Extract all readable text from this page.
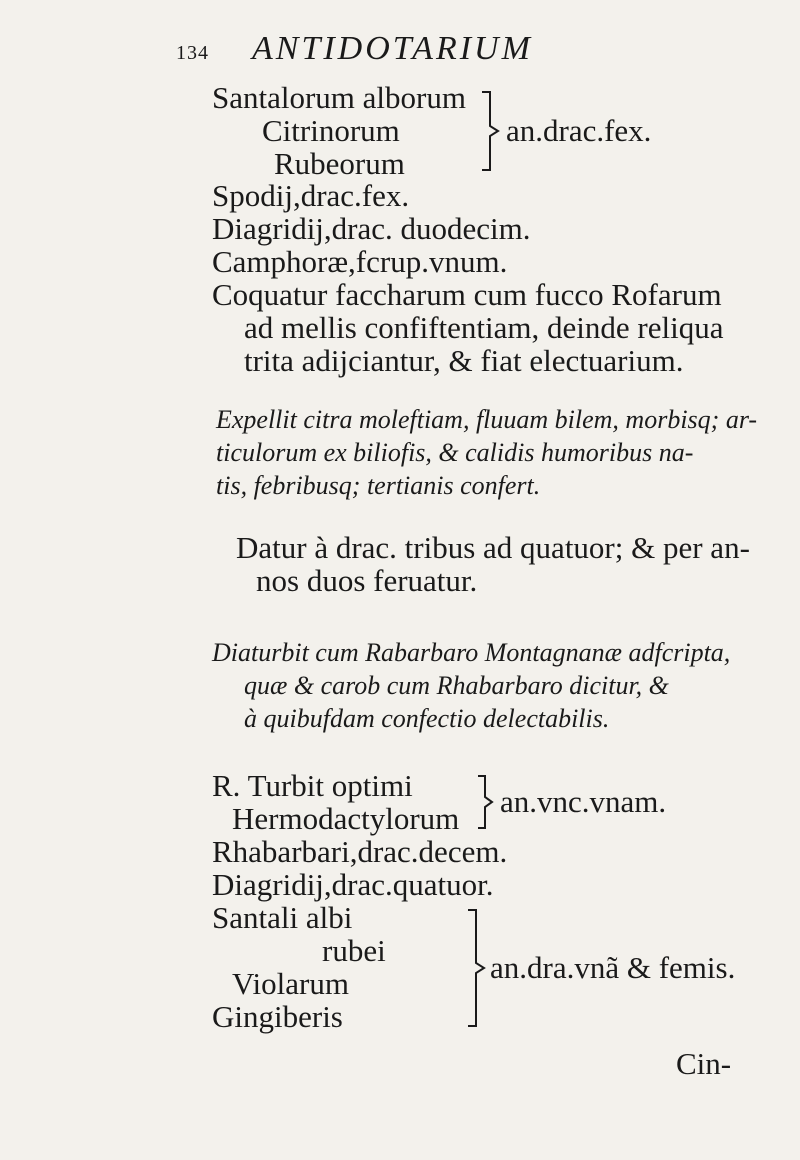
134 ANTIDOTARIUM
Santalorum alborum
Citrinorum
Rubeorum
an.drac.fex.
Spodij,drac.fex.
Diagridij,drac. duodecim.
Camphoræ,fcrup.vnum.
Coquatur faccharum cum fucco Rofarum
ad mellis confiftentiam, deinde reliqua
trita adijciantur, & fiat electuarium.
Expellit citra moleftiam, fluuam bilem, morbisq; ar-
ticulorum ex biliofis, & calidis humoribus na-
tis, febribusq; tertianis confert.
Datur à drac. tribus ad quatuor; & per an-
nos duos feruatur.
Diaturbit cum Rabarbaro Montagnanæ adfcripta,
quæ & carob cum Rhabarbaro dicitur, &
à quibufdam confectio delectabilis.
R. Turbit optimi
Hermodactylorum an.vnc.vnam.
Rhabarbari,drac.decem.
Diagridij,drac.quatuor.
Santali albi
rubei
Violarum
Gingiberis
an.dra.vnã & femis.
Cin-
